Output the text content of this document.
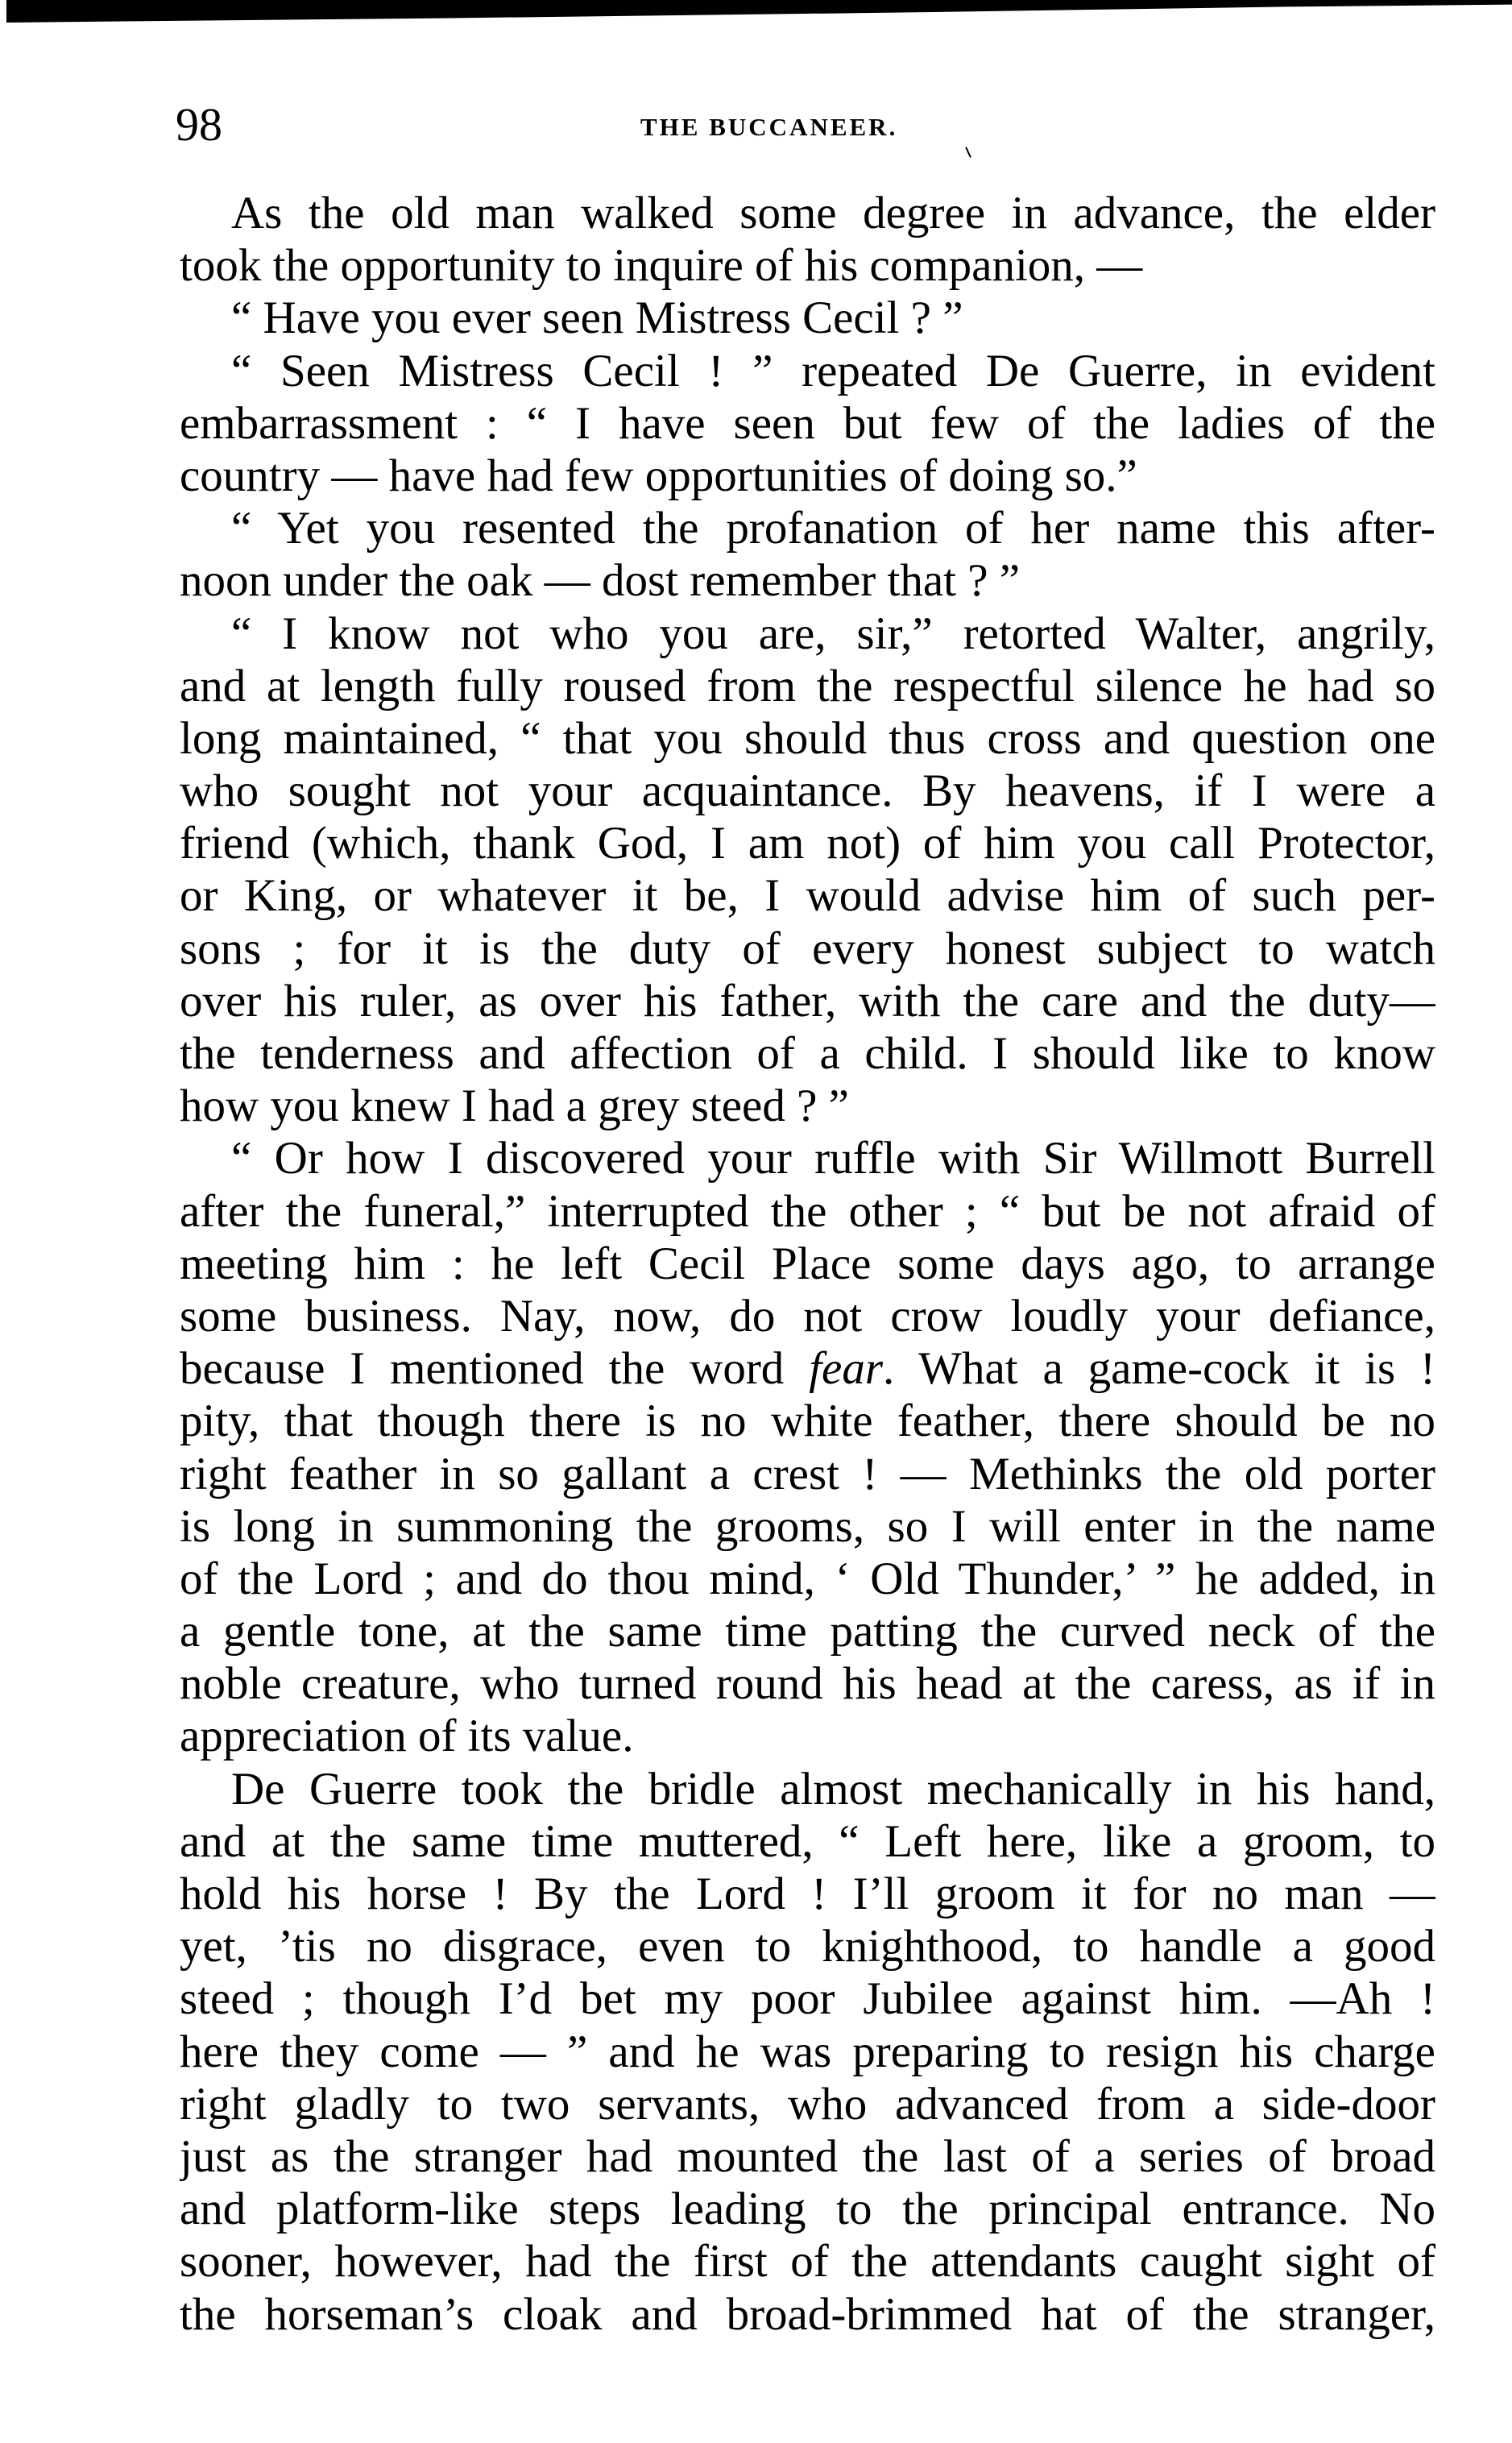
98	THE BUCCANEER.
As the old man walked some degree in advance, the elder
took the opportunity to inquire of his companion, —
“ Have you ever seen Mistress Cecil ? ”
“ Seen Mistress Cecil ! ” repeated De Guerre, in evident
embarrassment : “ I have seen but few of the ladies of the
country — have had few opportunities of doing so.”
“ Yet you resented the profanation of her name this after-
noon under the oak — dost remember that ? ”
“ I know not who you are, sir,” retorted Walter, angrily,
and at length fully roused from the respectful silence he had so
long maintained, “ that you should thus cross and question one
who sought not your acquaintance. By heavens, if I were a
friend (which, thank God, I am not) of him you call Protector,
or King, or whatever it be, I would advise him of such per-
sons ; for it is the duty of every honest subject to watch
over his ruler, as over his father, with the care and the duty—
the tenderness and affection of a child. I should like to know
how you knew I had a grey steed ? ”
“ Or how I discovered your ruffle with Sir Willmott Burrell
after the funeral,” interrupted the other ; “ but be not afraid of
meeting him : he left Cecil Place some days ago, to arrange
some business. Nay, now, do not crow loudly your defiance,
because I mentioned the word fear. What a game-cock it is !
pity, that though there is no white feather, there should be no
right feather in so gallant a crest ! — Methinks the old porter
is long in summoning the grooms, so I will enter in the name
of the Lord ; and do thou mind, ‘ Old Thunder,’ ” he added, in
a gentle tone, at the same time patting the curved neck of the
noble creature, who turned round his head at the caress, as if in
appreciation of its value.
De Guerre took the bridle almost mechanically in his hand,
and at the same time muttered, “ Left here, like a groom, to
hold his horse ! By the Lord ! I’ll groom it for no man —
yet, ’tis no disgrace, even to knighthood, to handle a good
steed ; though I’d bet my poor Jubilee against him. —Ah !
here they come — ” and he was preparing to resign his charge
right gladly to two servants, who advanced from a side-door
just as the stranger had mounted the last of a series of broad
and platform-like steps leading to the principal entrance. No
sooner, however, had the first of the attendants caught sight of
the horseman’s cloak and broad-brimmed hat of the stranger,
